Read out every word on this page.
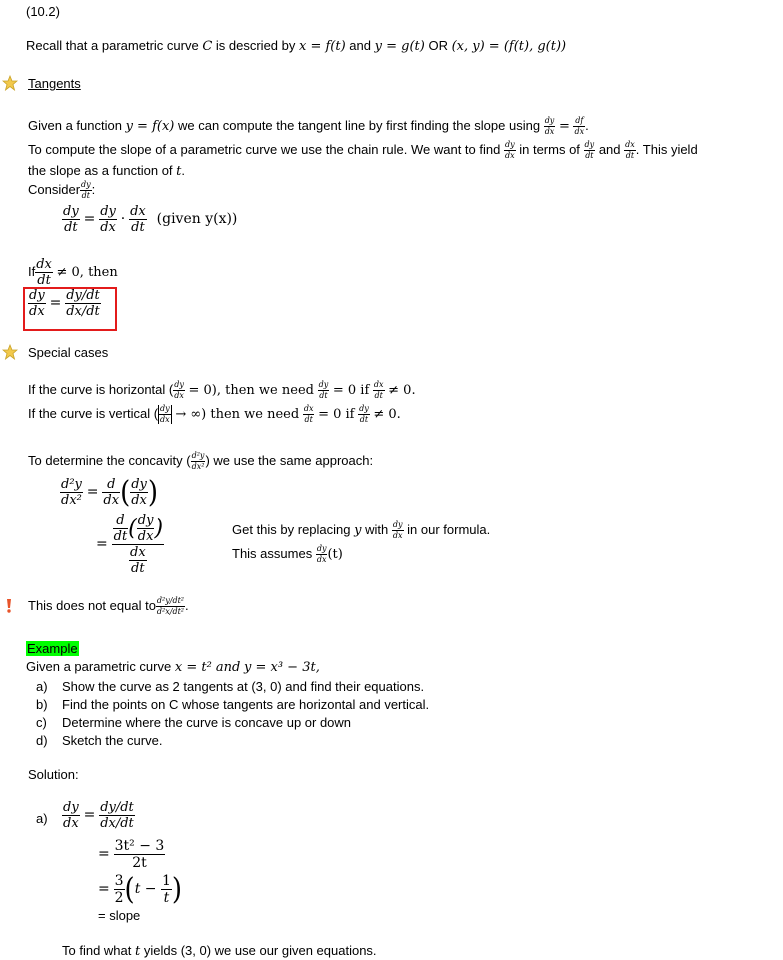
(10.2)
Recall that a parametric curve C is descried by x = f(t) and y = g(t) OR (x, y) = (f(t), g(t))
Tangents
Given a function y = f(x) we can compute the tangent line by first finding the slope using $\frac{dy}{dx} = \frac{df}{dx}$ .
To compute the slope of a parametric curve we use the chain rule. We want to find $\frac{dy}{dx}$ in terms of $\frac{dy}{dt}$ and $\frac{dx}{dt}$ . This yield
the slope as a function of t.
Consider $\frac{dy}{dt}$ :
$\frac{dy}{dt} = \frac{dy}{dx} \cdot \frac{dx}{dt}$ (given y(x))
If $\frac{dx}{dt} \ne 0$, then
$\frac{dy}{dx} = \frac{dy/dt}{dx/dt}$
Special cases
If the curve is horizontal ( $\frac{dy}{dx} = 0$), then we need $\frac{dy}{dt} = 0$ if $\frac{dx}{dt} \ne 0$.
If the curve is vertical ( $\frac{dy}{dx}$ → ∞) then we need $\frac{dx}{dt} = 0$ if $\frac{dy}{dt} \ne 0$.
To determine the concavity ( $\frac{\text{d²y}}{\text{dx²}}$ ) we use the same approach:
$\frac{\text{d²y}}{\text{dx²}} = \frac{d}{dx}$ ( $\frac{dy}{dx}$ )
= $\frac{\frac{d}{dt} ( \frac{dy}{dx} )}{\frac{dx}{dt}}$	Get this by replacing y with $\frac{dy}{dx}$ in our formula.
This assumes $\frac{dy}{dx} (t)$
This does not equal to $\frac{\text{d²y/dt²}}{\text{d²x/dt²}}$ .
Example
Given a parametric curve x = t² and y = x³ − 3t,
a) Show the curve as 2 tangents at (3, 0) and find their equations.
b) Find the points on C whose tangents are horizontal and vertical.
c) Determine where the curve is concave up or down
d) Sketch the curve.
Solution:
$a) \frac{dy}{dx} = \frac{dy/dt}{dx/dt}$
= $\frac{\text{3t² − 3}}{2t}$
= $\frac{3}{2} (t - \frac{1}{t}$ )
= slope
To find what t yields (3, 0) we use our given equations.
